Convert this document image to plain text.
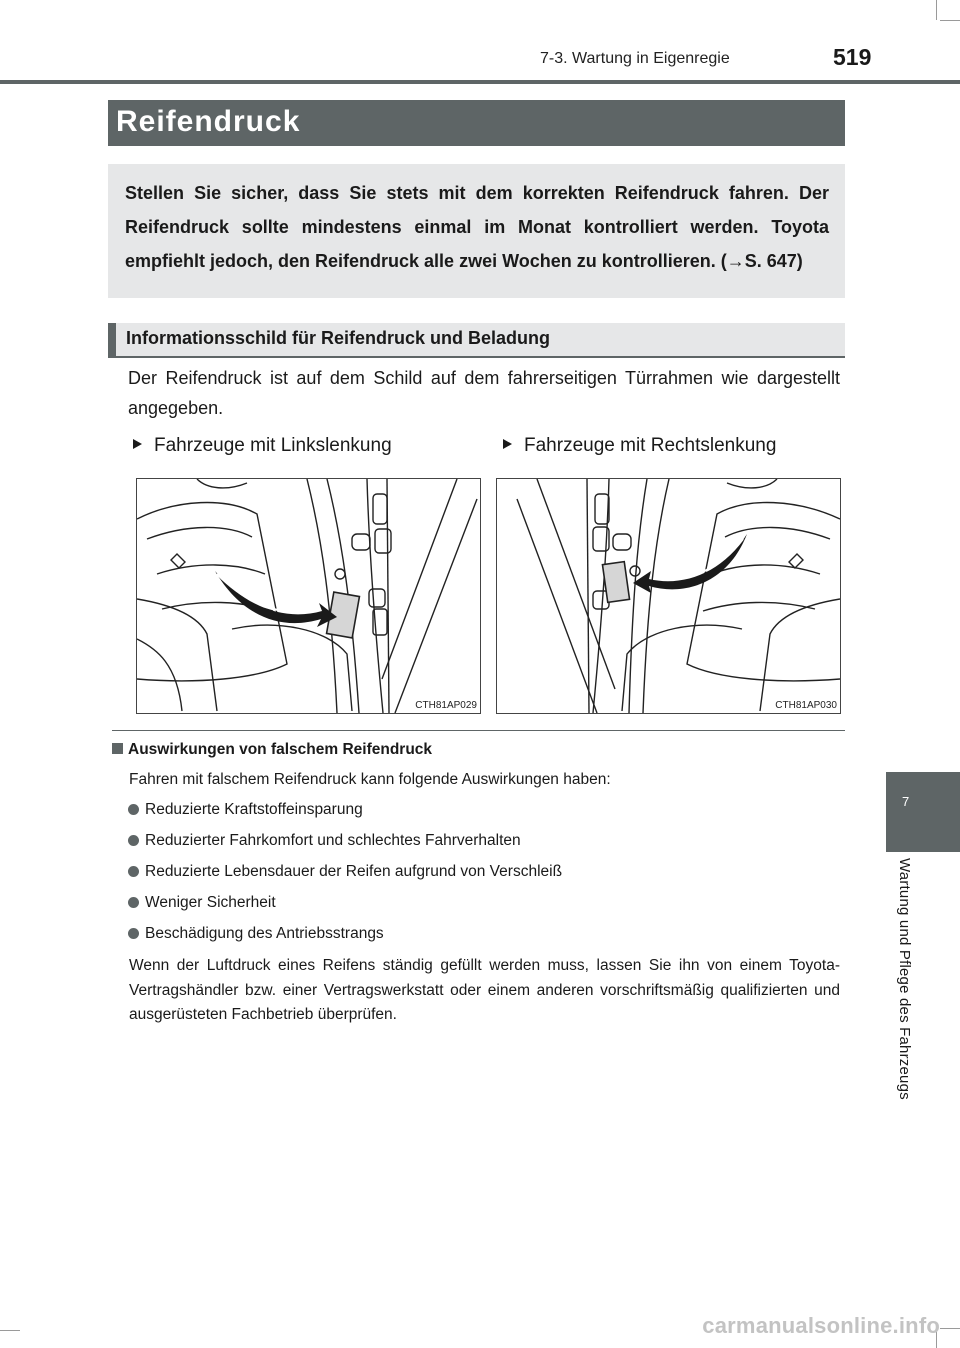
7-3. Wartung in Eigenregie	519
Reifendruck
Stellen Sie sicher, dass Sie stets mit dem korrekten Reifendruck fahren. Der Reifendruck sollte mindestens einmal im Monat kontrolliert werden. Toyota empfiehlt jedoch, den Reifendruck alle zwei Wochen zu kontrollieren. (→S. 647)
Informationsschild für Reifendruck und Beladung
Der Reifendruck ist auf dem Schild auf dem fahrerseitigen Türrahmen wie dargestellt angegeben.
Fahrzeuge mit Linkslenkung	Fahrzeuge mit Rechtslenkung
CTH81AP029	CTH81AP030
Auswirkungen von falschem Reifendruck
Fahren mit falschem Reifendruck kann folgende Auswirkungen haben:
Reduzierte Kraftstoffeinsparung
Reduzierter Fahrkomfort und schlechtes Fahrverhalten
Reduzierte Lebensdauer der Reifen aufgrund von Verschleiß
Weniger Sicherheit
Beschädigung des Antriebsstrangs
Wenn der Luftdruck eines Reifens ständig gefüllt werden muss, lassen Sie ihn von einem Toyota-Vertragshändler bzw. einer Vertragswerkstatt oder einem anderen vorschriftsmäßig qualifizierten und ausgerüsteten Fachbetrieb überprüfen.
7
Wartung und Pflege des Fahrzeugs
carmanualsonline.info
